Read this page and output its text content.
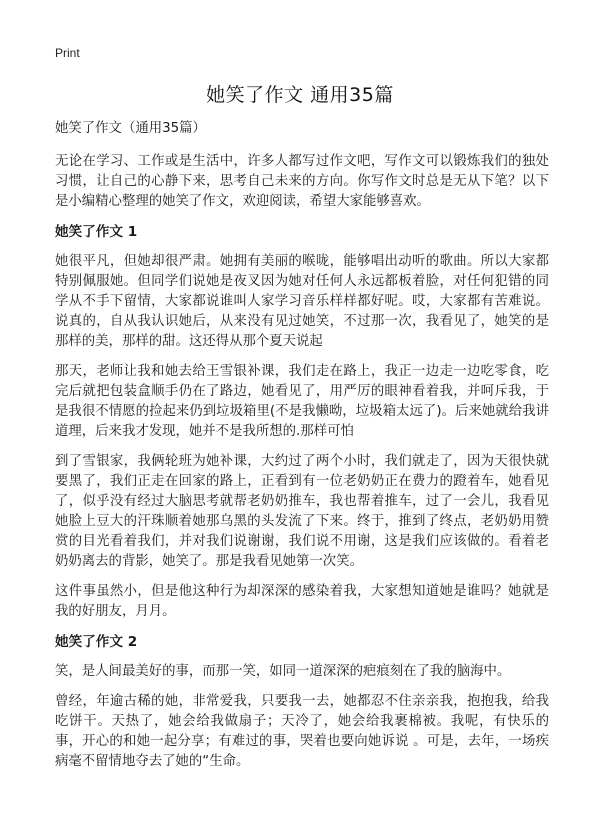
Print
她笑了作文 通用35篇

她笑了作文（通用35篇）

无论在学习、工作或是生活中，许多人都写过作文吧，写作文可以锻炼我们的独处习惯，让自己的心静下来，思考自己未来的方向。你写作文时总是无从下笔？以下是小编精心整理的她笑了作文，欢迎阅读，希望大家能够喜欢。

她笑了作文 1

她很平凡，但她却很严肃。她拥有美丽的喉咙，能够唱出动听的歌曲。所以大家都特别佩服她。但同学们说她是夜叉因为她对任何人永远都板着脸，对任何犯错的同学从不手下留情，大家都说谁叫人家学习音乐样样都好呢。哎，大家都有苦难说。说真的，自从我认识她后，从来没有见过她笑，不过那一次，我看见了，她笑的是那样的美，那样的甜。这还得从那个夏天说起

那天，老师让我和她去给王雪银补课，我们走在路上，我正一边走一边吃零食，吃完后就把包装盒顺手仍在了路边，她看见了，用严厉的眼神看着我，并呵斥我，于是我很不情愿的捡起来仍到垃圾箱里(不是我懒呦，垃圾箱太远了)。后来她就给我讲道理，后来我才发现，她并不是我所想的.那样可怕

到了雪银家，我俩轮班为她补课，大约过了两个小时，我们就走了，因为天很快就要黑了，我们正走在回家的路上，正看到有一位老奶奶正在费力的蹬着车，她看见了，似乎没有经过大脑思考就帮老奶奶推车，我也帮着推车，过了一会儿，我看见她脸上豆大的汗珠顺着她那乌黑的头发流了下来。终于，推到了终点，老奶奶用赞赏的目光看着我们，并对我们说谢谢，我们说不用谢，这是我们应该做的。看着老奶奶离去的背影，她笑了。那是我看见她第一次笑。

这件事虽然小，但是他这种行为却深深的感染着我，大家想知道她是谁吗？她就是我的好朋友，月月。

她笑了作文 2

笑，是人间最美好的事，而那一笑，如同一道深深的疤痕刻在了我的脑海中。

曾经，年逾古稀的她，非常爱我，只要我一去，她都忍不住亲亲我，抱抱我，给我吃饼干。天热了，她会给我做扇子；天冷了，她会给我裹棉被。我呢，有快乐的事，开心的和她一起分享；有难过的事，哭着也要向她诉说 。可是，去年，一场疾病毫不留情地夺去了她的“生命。
